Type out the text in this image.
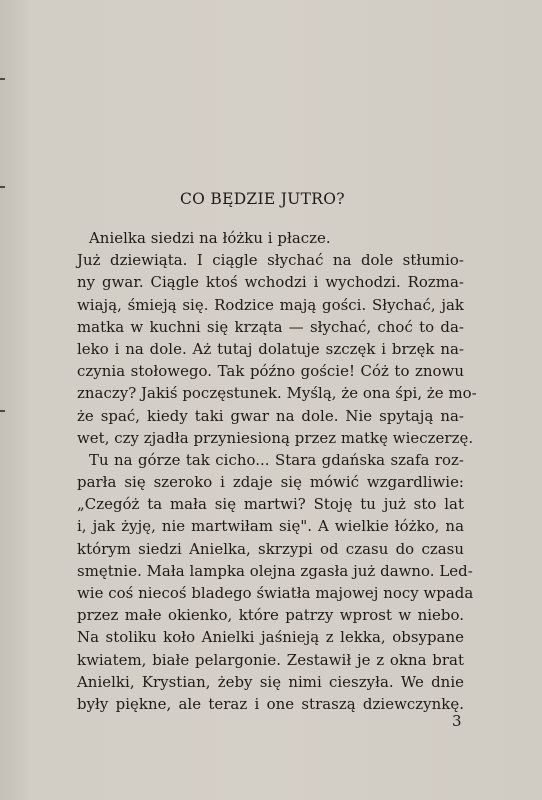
CO BĘDZIE JUTRO?
Anielka siedzi na łóżku i płacze.
Już dziewiąta. I ciągle słychać na dole stłumio-
ny gwar. Ciągle ktoś wchodzi i wychodzi. Rozma-
wiają, śmieją się. Rodzice mają gości. Słychać, jak
matka w kuchni się krząta — słychać, choć to da-
leko i na dole. Aż tutaj dolatuje szczęk i brzęk na-
czynia stołowego. Tak późno goście! Cóż to znowu
znaczy? Jakiś poczęstunek. Myślą, że ona śpi, że mo-
że spać, kiedy taki gwar na dole. Nie spytają na-
wet, czy zjadła przyniesioną przez matkę wieczerzę.
Tu na górze tak cicho... Stara gdańska szafa roz-
parła się szeroko i zdaje się mówić wzgardliwie:
„Czegóż ta mała się martwi? Stoję tu już sto lat
i, jak żyję, nie martwiłam się". A wielkie łóżko, na
którym siedzi Anielka, skrzypi od czasu do czasu
smętnie. Mała lampka olejna zgasła już dawno. Led-
wie coś niecoś bladego światła majowej nocy wpada
przez małe okienko, które patrzy wprost w niebo.
Na stoliku koło Anielki jaśnieją z lekka, obsypane
kwiatem, białe pelargonie. Zestawił je z okna brat
Anielki, Krystian, żeby się nimi cieszyła. We dnie
były piękne, ale teraz i one straszą dziewczynkę.
3
